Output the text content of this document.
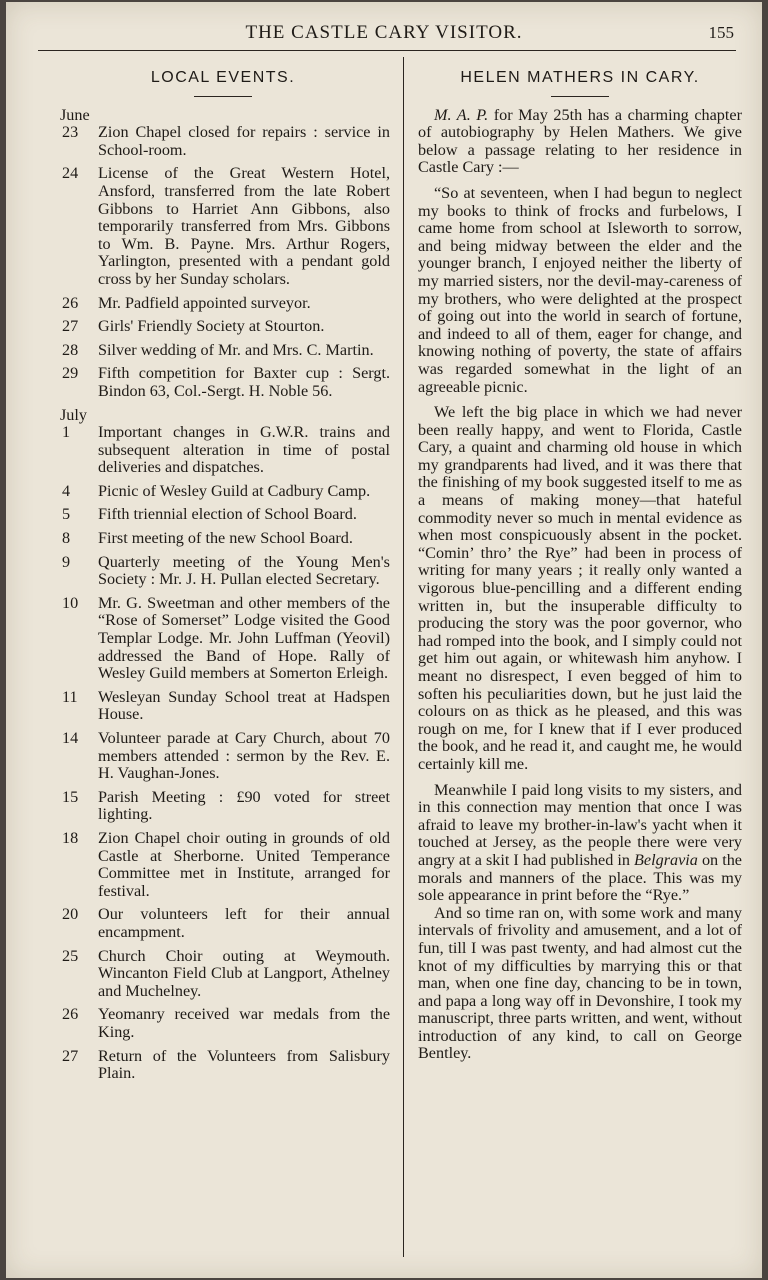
THE CASTLE CARY VISITOR.	155
LOCAL EVENTS.
June
23	Zion Chapel closed for repairs : service in School-room.
24	License of the Great Western Hotel, Ansford, transferred from the late Robert Gibbons to Harriet Ann Gibbons, also temporarily transferred from Mrs. Gibbons to Wm. B. Payne. Mrs. Arthur Rogers, Yarlington, presented with a pendant gold cross by her Sunday scholars.
26	Mr. Padfield appointed surveyor.
27	Girls' Friendly Society at Stourton.
28	Silver wedding of Mr. and Mrs. C. Martin.
29	Fifth competition for Baxter cup : Sergt. Bindon 63, Col.-Sergt. H. Noble 56.
July
1	Important changes in G.W.R. trains and subsequent alteration in time of postal deliveries and dispatches.
4	Picnic of Wesley Guild at Cadbury Camp.
5	Fifth triennial election of School Board.
8	First meeting of the new School Board.
9	Quarterly meeting of the Young Men's Society : Mr. J. H. Pullan elected Secretary.
10	Mr. G. Sweetman and other members of the “Rose of Somerset” Lodge visited the Good Templar Lodge. Mr. John Luffman (Yeovil) addressed the Band of Hope. Rally of Wesley Guild members at Somerton Erleigh.
11	Wesleyan Sunday School treat at Hadspen House.
14	Volunteer parade at Cary Church, about 70 members attended : sermon by the Rev. E. H. Vaughan-Jones.
15	Parish Meeting : £90 voted for street lighting.
18	Zion Chapel choir outing in grounds of old Castle at Sherborne. United Temperance Committee met in Institute, arranged for festival.
20	Our volunteers left for their annual encampment.
25	Church Choir outing at Weymouth. Wincanton Field Club at Langport, Athelney and Muchelney.
26	Yeomanry received war medals from the King.
27	Return of the Volunteers from Salisbury Plain.
HELEN MATHERS IN CARY.

M. A. P. for May 25th has a charming chapter of autobiography by Helen Mathers. We give below a passage relating to her residence in Castle Cary :—

“So at seventeen, when I had begun to neglect my books to think of frocks and furbelows, I came home from school at Isleworth to sorrow, and being midway between the elder and the younger branch, I enjoyed neither the liberty of my married sisters, nor the devil-may-careness of my brothers, who were delighted at the prospect of going out into the world in search of fortune, and indeed to all of them, eager for change, and knowing nothing of poverty, the state of affairs was regarded somewhat in the light of an agreeable picnic.

We left the big place in which we had never been really happy, and went to Florida, Castle Cary, a quaint and charming old house in which my grandparents had lived, and it was there that the finishing of my book suggested itself to me as a means of making money—that hateful commodity never so much in mental evidence as when most conspicuously absent in the pocket. “Comin’ thro’ the Rye” had been in process of writing for many years ; it really only wanted a vigorous blue-pencilling and a different ending written in, but the insuperable difficulty to producing the story was the poor governor, who had romped into the book, and I simply could not get him out again, or whitewash him anyhow. I meant no disrespect, I even begged of him to soften his peculiarities down, but he just laid the colours on as thick as he pleased, and this was rough on me, for I knew that if I ever produced the book, and he read it, and caught me, he would certainly kill me.

Meanwhile I paid long visits to my sisters, and in this connection may mention that once I was afraid to leave my brother-in-law's yacht when it touched at Jersey, as the people there were very angry at a skit I had published in Belgravia on the morals and manners of the place. This was my sole appearance in print before the “Rye.”

And so time ran on, with some work and many intervals of frivolity and amusement, and a lot of fun, till I was past twenty, and had almost cut the knot of my difficulties by marrying this or that man, when one fine day, chancing to be in town, and papa a long way off in Devonshire, I took my manuscript, three parts written, and went, without introduction of any kind, to call on George Bentley.
